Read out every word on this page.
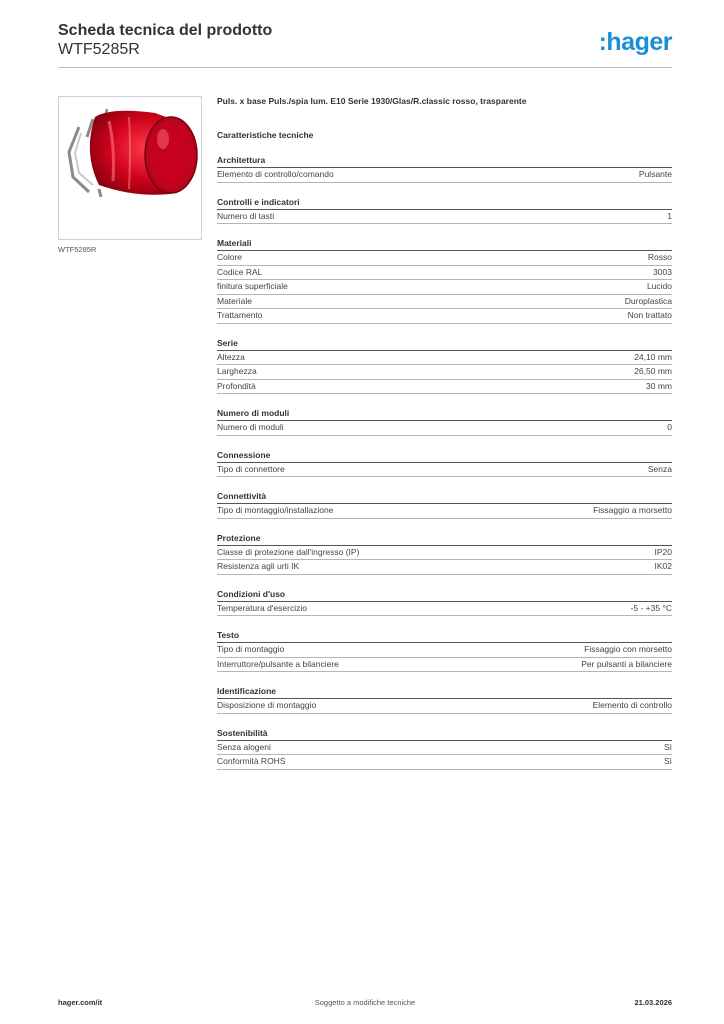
Scheda tecnica del prodotto
WTF5285R	:hager
WTF5285R
Puls. x base Puls./spia lum. E10 Serie 1930/Glas/R.classic rosso, trasparente
Caratteristiche tecniche
Architettura
Elemento di controllo/comando	Pulsante
Controlli e indicatori
Numero di tasti	1
Materiali
Colore	Rosso
Codice RAL	3003
finitura superficiale	Lucido
Materiale	Duroplastica
Trattamento	Non trattato
Serie
Altezza	24,10 mm
Larghezza	26,50 mm
Profondità	30 mm
Numero di moduli
Numero di moduli	0
Connessione
Tipo di connettore	Senza
Connettività
Tipo di montaggio/installazione	Fissaggio a morsetto
Protezione
Classe di protezione dall'ingresso (IP)	IP20
Resistenza agli urti IK	IK02
Condizioni d'uso
Temperatura d'esercizio	-5 - +35 °C
Testo
Tipo di montaggio	Fissaggio con morsetto
Interruttore/pulsante a bilanciere	Per pulsanti a bilanciere
Identificazione
Disposizione di montaggio	Elemento di controllo
Sostenibilità
Senza alogeni	Sì
Conformità ROHS	Sì
hager.com/it	Soggetto a modifiche tecniche	21.03.2026
